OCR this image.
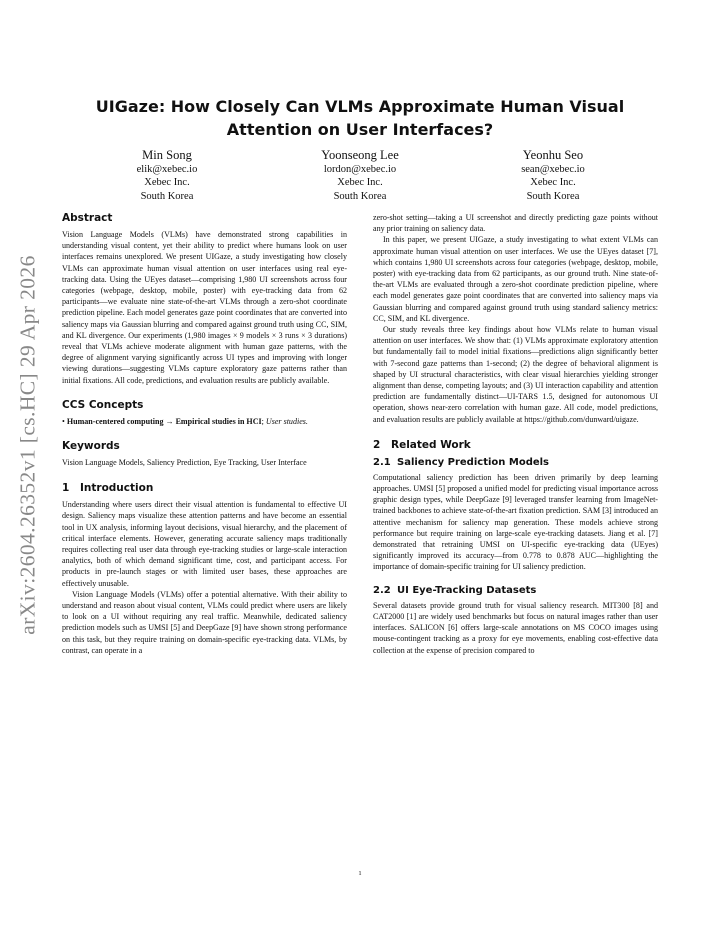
arXiv:2604.26352v1 [cs.HC] 29 Apr 2026
UIGaze: How Closely Can VLMs Approximate Human Visual Attention on User Interfaces?
Min Song
elik@xebec.io
Xebec Inc.
South Korea
Yoonseong Lee
lordon@xebec.io
Xebec Inc.
South Korea
Yeonhu Seo
sean@xebec.io
Xebec Inc.
South Korea
Abstract

Vision Language Models (VLMs) have demonstrated strong capabilities in understanding visual content, yet their ability to predict where humans look on user interfaces remains unexplored. We present UIGaze, a study investigating how closely VLMs can approximate human visual attention on user interfaces using real eye-tracking data. Using the UEyes dataset—comprising 1,980 UI screenshots across four categories (webpage, desktop, mobile, poster) with eye-tracking data from 62 participants—we evaluate nine state-of-the-art VLMs through a zero-shot coordinate prediction pipeline. Each model generates gaze point coordinates that are converted into saliency maps via Gaussian blurring and compared against ground truth using CC, SIM, and KL divergence. Our experiments (1,980 images × 9 models × 3 runs × 3 durations) reveal that VLMs achieve moderate alignment with human gaze patterns, with the degree of alignment varying significantly across UI types and improving with longer viewing durations—suggesting VLMs capture exploratory gaze patterns rather than initial fixations. All code, predictions, and evaluation results are publicly available.

CCS Concepts

• Human-centered computing → Empirical studies in HCI; User studies.

Keywords

Vision Language Models, Saliency Prediction, Eye Tracking, User Interface

1 Introduction

Understanding where users direct their visual attention is fundamental to effective UI design. Saliency maps visualize these attention patterns and have become an essential tool in UX analysis, informing layout decisions, visual hierarchy, and the placement of critical interface elements. However, generating accurate saliency maps traditionally requires collecting real user data through eye-tracking studies or large-scale interaction analytics, both of which demand significant time, cost, and participant access. For products in pre-launch stages or with limited user bases, these approaches are effectively unusable.

Vision Language Models (VLMs) offer a potential alternative. With their ability to understand and reason about visual content, VLMs could predict where users are likely to look on a UI without requiring any real traffic. Meanwhile, dedicated saliency prediction models such as UMSI [5] and DeepGaze [9] have shown strong performance on this task, but they require training on domain-specific eye-tracking data. VLMs, by contrast, can operate in a

zero-shot setting—taking a UI screenshot and directly predicting gaze points without any prior training on saliency data.

In this paper, we present UIGaze, a study investigating to what extent VLMs can approximate human visual attention on user interfaces. We use the UEyes dataset [7], which contains 1,980 UI screenshots across four categories (webpage, desktop, mobile, poster) with eye-tracking data from 62 participants, as our ground truth. Nine state-of-the-art VLMs are evaluated through a zero-shot coordinate prediction pipeline, where each model generates gaze point coordinates that are converted into saliency maps via Gaussian blurring and compared against ground truth using standard saliency metrics: CC, SIM, and KL divergence.

Our study reveals three key findings about how VLMs relate to human visual attention on user interfaces. We show that: (1) VLMs approximate exploratory attention but fundamentally fail to model initial fixations—predictions align significantly better with 7-second gaze patterns than 1-second; (2) the degree of behavioral alignment is shaped by UI structural characteristics, with clear visual hierarchies yielding stronger alignment than dense, competing layouts; and (3) UI interaction capability and attention prediction are fundamentally distinct—UI-TARS 1.5, designed for autonomous UI operation, shows near-zero correlation with human gaze. All code, model predictions, and evaluation results are publicly available at https://github.com/dunward/uigaze.

2 Related Work
2.1 Saliency Prediction Models

Computational saliency prediction has been driven primarily by deep learning approaches. UMSI [5] proposed a unified model for predicting visual importance across graphic design types, while DeepGaze [9] leveraged transfer learning from ImageNet-trained backbones to achieve state-of-the-art fixation prediction. SAM [3] introduced an attentive mechanism for saliency map generation. These models achieve strong performance but require training on large-scale eye-tracking datasets. Jiang et al. [7] demonstrated that retraining UMSI on UI-specific eye-tracking data (UEyes) significantly improved its accuracy—from 0.778 to 0.878 AUC—highlighting the importance of domain-specific training for UI saliency prediction.

2.2 UI Eye-Tracking Datasets

Several datasets provide ground truth for visual saliency research. MIT300 [8] and CAT2000 [1] are widely used benchmarks but focus on natural images rather than user interfaces. SALICON [6] offers large-scale annotations on MS COCO images using mouse-contingent tracking as a proxy for eye movements, enabling cost-effective data collection at the expense of precision compared to

1
